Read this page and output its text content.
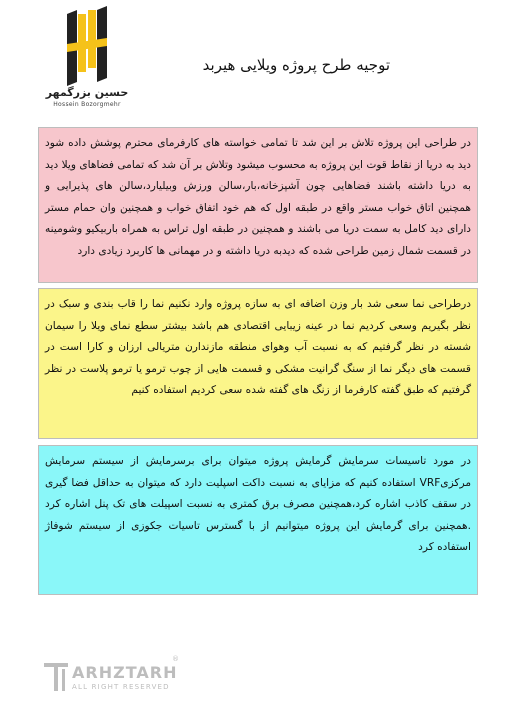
حسین بزرگمهر
Hossein Bozorgmehr
توجیه طرح پروژه ویلایی هیربد

در طراحی این پروژه تلاش بر این شد تا تمامی خواسته های کارفرمای محترم پوشش داده شود دید به دریا از نقاط قوت این پروژه به محسوب میشود وتلاش بر آن شد که تمامی فضاهای ویلا دید به دریا داشته باشند فضاهایی چون آشپزخانه،بار،سالن ورزش وبیلیارد،سالن های پذیرایی و همچنین اتاق خواب مستر واقع در طبقه اول که هم خود اتفاق خواب و همچنین وان حمام مستر دارای دید کامل به سمت دریا می باشند و همچنین در طبقه اول تراس به همراه باربیکیو وشومینه در قسمت شمال زمین طراحی شده که دیدبه دریا داشته و در مهمانی ها کاربرد زیادی دارد

درطراحی نما سعی شد بار وزن اضافه ای به سازه پروژه وارد نکنیم نما را قاب بندی و سبک در نظر بگیریم وسعی کردیم نما در عینه زیبایی اقتصادی هم باشد بیشتر سطع نمای ویلا را سیمان شسته در نظر گرفتیم که به نسبت آب وهوای منطقه مازندارن متریالی ارزان و کارا است در قسمت های دیگر نما از سنگ گرانیت مشکی و قسمت هایی از چوب ترمو یا ترمو پلاست در نظر گرفتیم که طبق گفته کارفرما از زنگ های گفته شده سعی کردیم استفاده کنیم

در مورد تاسیسات سرمایش گرمایش پروژه میتوان برای برسرمایش از سیستم سرمایش مرکزیVRF استفاده کنیم که مزایای به نسبت داکت اسپلیت دارد که میتوان به حداقل فضا گیری در سقف کاذب اشاره کرد،همچنین مصرف برق کمتری به نسبت اسپیلت های تک پنل اشاره کرد .همچنین برای گرمایش این پروژه میتوانیم از با گسترس تاسیات جکوزی از سیستم شوفاژ استفاده کرد

ARHZTARH
ALL RIGHT RESERVED
®
